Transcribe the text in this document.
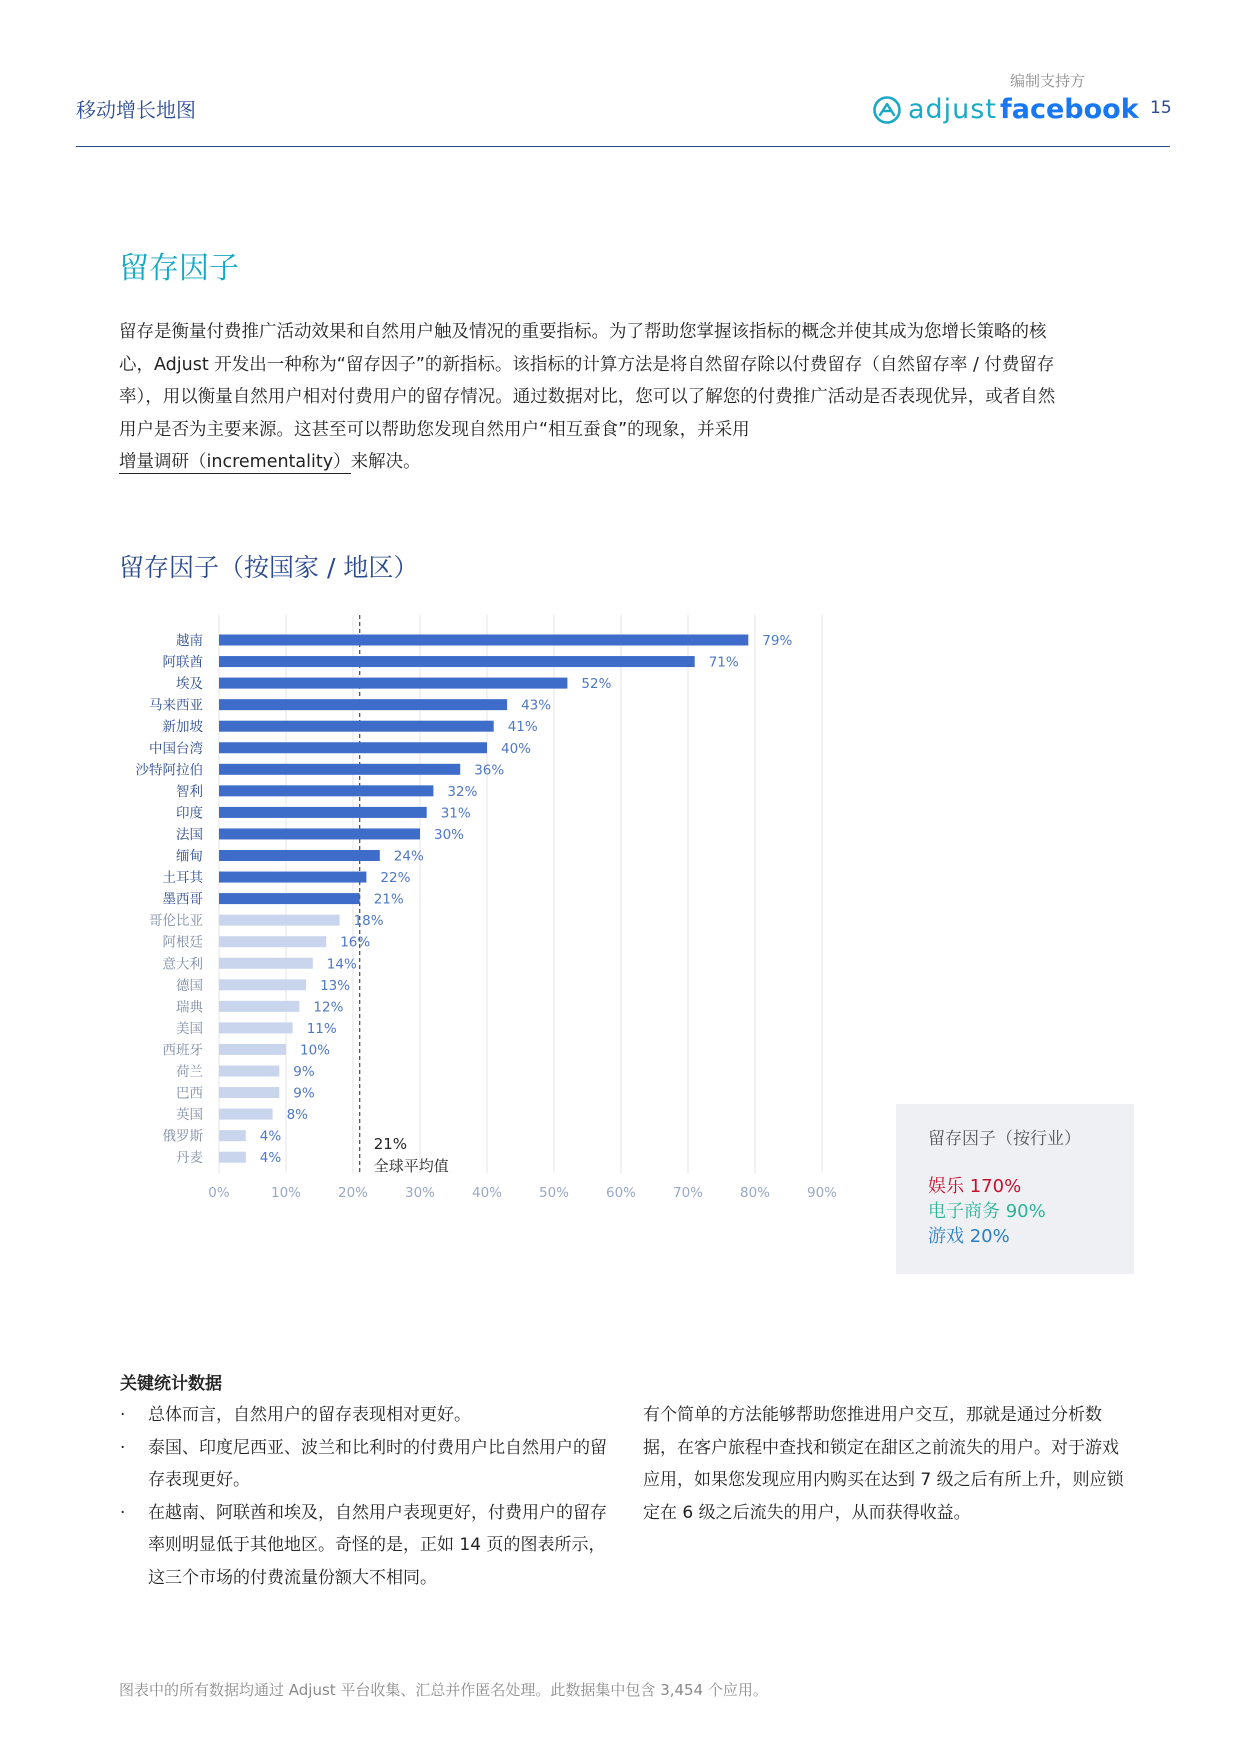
移动增长地图
编制支持方
adjust facebook 15
留存因子
留存是衡量付费推广活动效果和自然用户触及情况的重要指标。为了帮助您掌握该指标的概念并使其成为您增长策略的核心，Adjust 开发出一种称为“留存因子”的新指标。该指标的计算方法是将自然留存除以付费留存（自然留存率 / 付费留存率），用以衡量自然用户相对付费用户的留存情况。通过数据对比，您可以了解您的付费推广活动是否表现优异，或者自然用户是否为主要来源。这甚至可以帮助您发现自然用户“相互蚕食”的现象，并采用
增量调研（incrementality）来解决。
留存因子（按国家 / 地区）
0%	10%	20%	30%	40%	50%	60%	70%	80%	90%
21%
全球平均值
越南	79%
阿联酋	71%
埃及	52%
马来西亚	43%
新加坡	41%
中国台湾	40%
沙特阿拉伯	36%
智利	32%
印度	31%
法国	30%
缅甸	24%
土耳其	22%
墨西哥	21%
哥伦比亚	18%
阿根廷	16%
意大利	14%
德国	13%
瑞典	12%
美国	11%
西班牙	10%
荷兰	9%
巴西	9%
英国	8%
俄罗斯	4%
丹麦	4%
留存因子（按行业）
娱乐 170%
电子商务 90%
游戏 20%
关键统计数据
· 总体而言，自然用户的留存表现相对更好。
· 泰国、印度尼西亚、波兰和比利时的付费用户比自然用户的留存表现更好。
· 在越南、阿联酋和埃及，自然用户表现更好，付费用户的留存率则明显低于其他地区。奇怪的是，正如 14 页的图表所示，这三个市场的付费流量份额大不相同。
有个简单的方法能够帮助您推进用户交互，那就是通过分析数据，在客户旅程中查找和锁定在甜区之前流失的用户。对于游戏应用，如果您发现应用内购买在达到 7 级之后有所上升，则应锁定在 6 级之后流失的用户，从而获得收益。
图表中的所有数据均通过 Adjust 平台收集、汇总并作匿名处理。此数据集中包含 3,454 个应用。
